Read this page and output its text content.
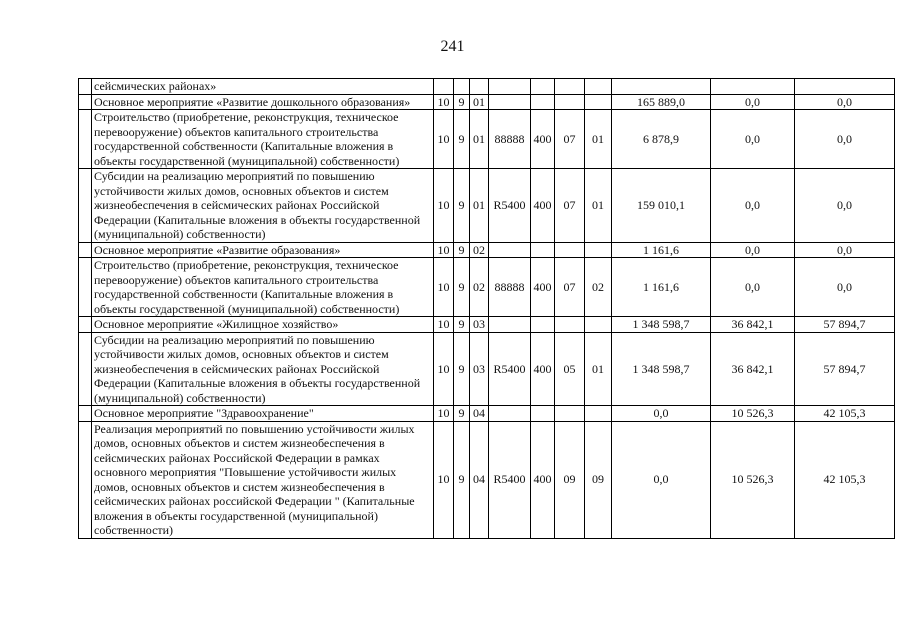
241
	сейсмических районах»										
	Основное мероприятие «Развитие дошкольного образования»	10	9	01					165 889,0	0,0	0,0
	Строительство (приобретение, реконструкция, техническое перевооружение) объектов капитального строительства государственной собственности (Капитальные вложения в объекты государственной (муниципальной) собственности)	10	9	01	88888	400	07	01	6 878,9	0,0	0,0
	Субсидии на реализацию мероприятий по повышению устойчивости жилых домов, основных объектов и систем жизнеобеспечения в сейсмических районах Российской Федерации (Капитальные вложения в объекты государственной (муниципальной) собственности)	10	9	01	R5400	400	07	01	159 010,1	0,0	0,0
	Основное мероприятие «Развитие образования»	10	9	02					1 161,6	0,0	0,0
	Строительство (приобретение, реконструкция, техническое перевооружение) объектов капитального строительства государственной собственности (Капитальные вложения в объекты государственной (муниципальной) собственности)	10	9	02	88888	400	07	02	1 161,6	0,0	0,0
	Основное мероприятие «Жилищное хозяйство»	10	9	03					1 348 598,7	36 842,1	57 894,7
	Субсидии на реализацию мероприятий по повышению устойчивости жилых домов, основных объектов и систем жизнеобеспечения в сейсмических районах Российской Федерации (Капитальные вложения в объекты государственной (муниципальной) собственности)	10	9	03	R5400	400	05	01	1 348 598,7	36 842,1	57 894,7
	Основное мероприятие "Здравоохранение"	10	9	04					0,0	10 526,3	42 105,3
	Реализация мероприятий по повышению устойчивости жилых домов, основных объектов и систем жизнеобеспечения в сейсмических районах Российской Федерации в рамках основного мероприятия "Повышение устойчивости жилых домов, основных объектов и систем жизнеобеспечения в сейсмических районах российской Федерации " (Капитальные вложения в объекты государственной (муниципальной) собственности)	10	9	04	R5400	400	09	09	0,0	10 526,3	42 105,3
